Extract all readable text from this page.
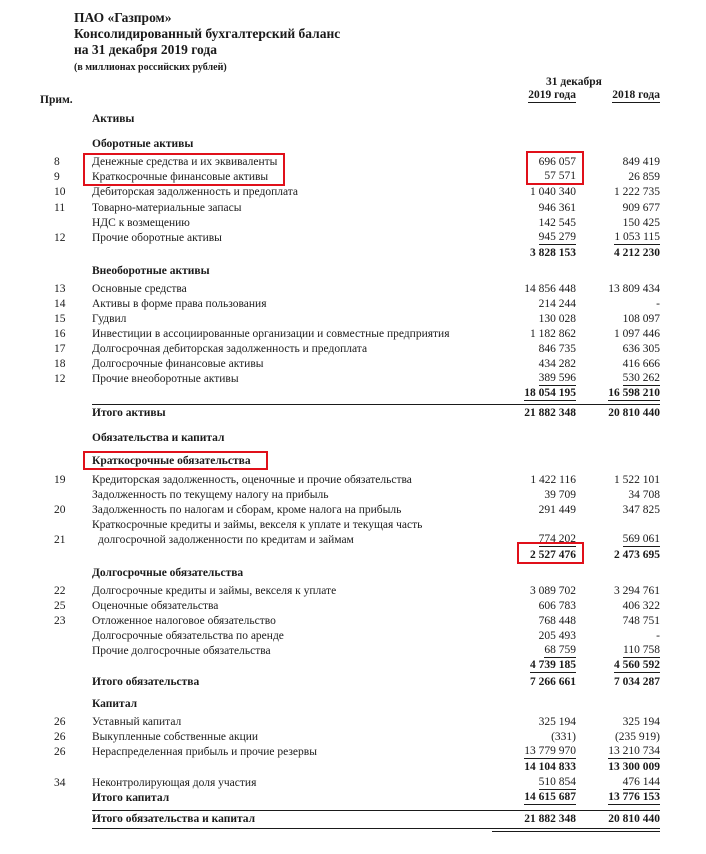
ПАО «Газпром»
Консолидированный бухгалтерский баланс
на 31 декабря 2019 года
(в миллионах российских рублей)
Прим.
31 декабря
2019 года	2018 года
Активы
Оборотные активы
8	Денежные средства и их эквиваленты	696 057	849 419
9	Краткосрочные финансовые активы	57 571	26 859
10 Дебиторская задолженность и предоплата	1 040 340	1 222 735
11 Товарно-материальные запасы	946 361	909 677
НДС к возмещению	142 545	150 425
12 Прочие оборотные активы	945 279	1 053 115
3 828 153	4 212 230
Внеоборотные активы
13 Основные средства	14 856 448	13 809 434
14 Активы в форме права пользования	214 244	-
15 Гудвил	130 028	108 097
16 Инвестиции в ассоциированные организации и совместные предприятия	1 182 862	1 097 446
17 Долгосрочная дебиторская задолженность и предоплата	846 735	636 305
18 Долгосрочные финансовые активы	434 282	416 666
12 Прочие внеоборотные активы	389 596	530 262
18 054 195	16 598 210
Итого активы	21 882 348	20 810 440
Обязательства и капитал
Краткосрочные обязательства
19 Кредиторская задолженность, оценочные и прочие обязательства	1 422 116	1 522 101
Задолженность по текущему налогу на прибыль	39 709	34 708
20 Задолженность по налогам и сборам, кроме налога на прибыль	291 449	347 825
Краткосрочные кредиты и займы, векселя к уплате и текущая часть
21	долгосрочной задолженности по кредитам и займам	774 202	569 061
2 527 476	2 473 695
Долгосрочные обязательства
22 Долгосрочные кредиты и займы, векселя к уплате	3 089 702	3 294 761
25 Оценочные обязательства	606 783	406 322
23 Отложенное налоговое обязательство	768 448	748 751
Долгосрочные обязательства по аренде	205 493	-
Прочие долгосрочные обязательства	68 759	110 758
4 739 185	4 560 592
Итого обязательства	7 266 661	7 034 287
Капитал
26 Уставный капитал	325 194	325 194
26 Выкупленные собственные акции	(331)	(235 919)
26 Нераспределенная прибыль и прочие резервы	13 779 970	13 210 734
14 104 833	13 300 009
34 Неконтролирующая доля участия	510 854	476 144
Итого капитал	14 615 687	13 776 153
Итого обязательства и капитал	21 882 348	20 810 440
